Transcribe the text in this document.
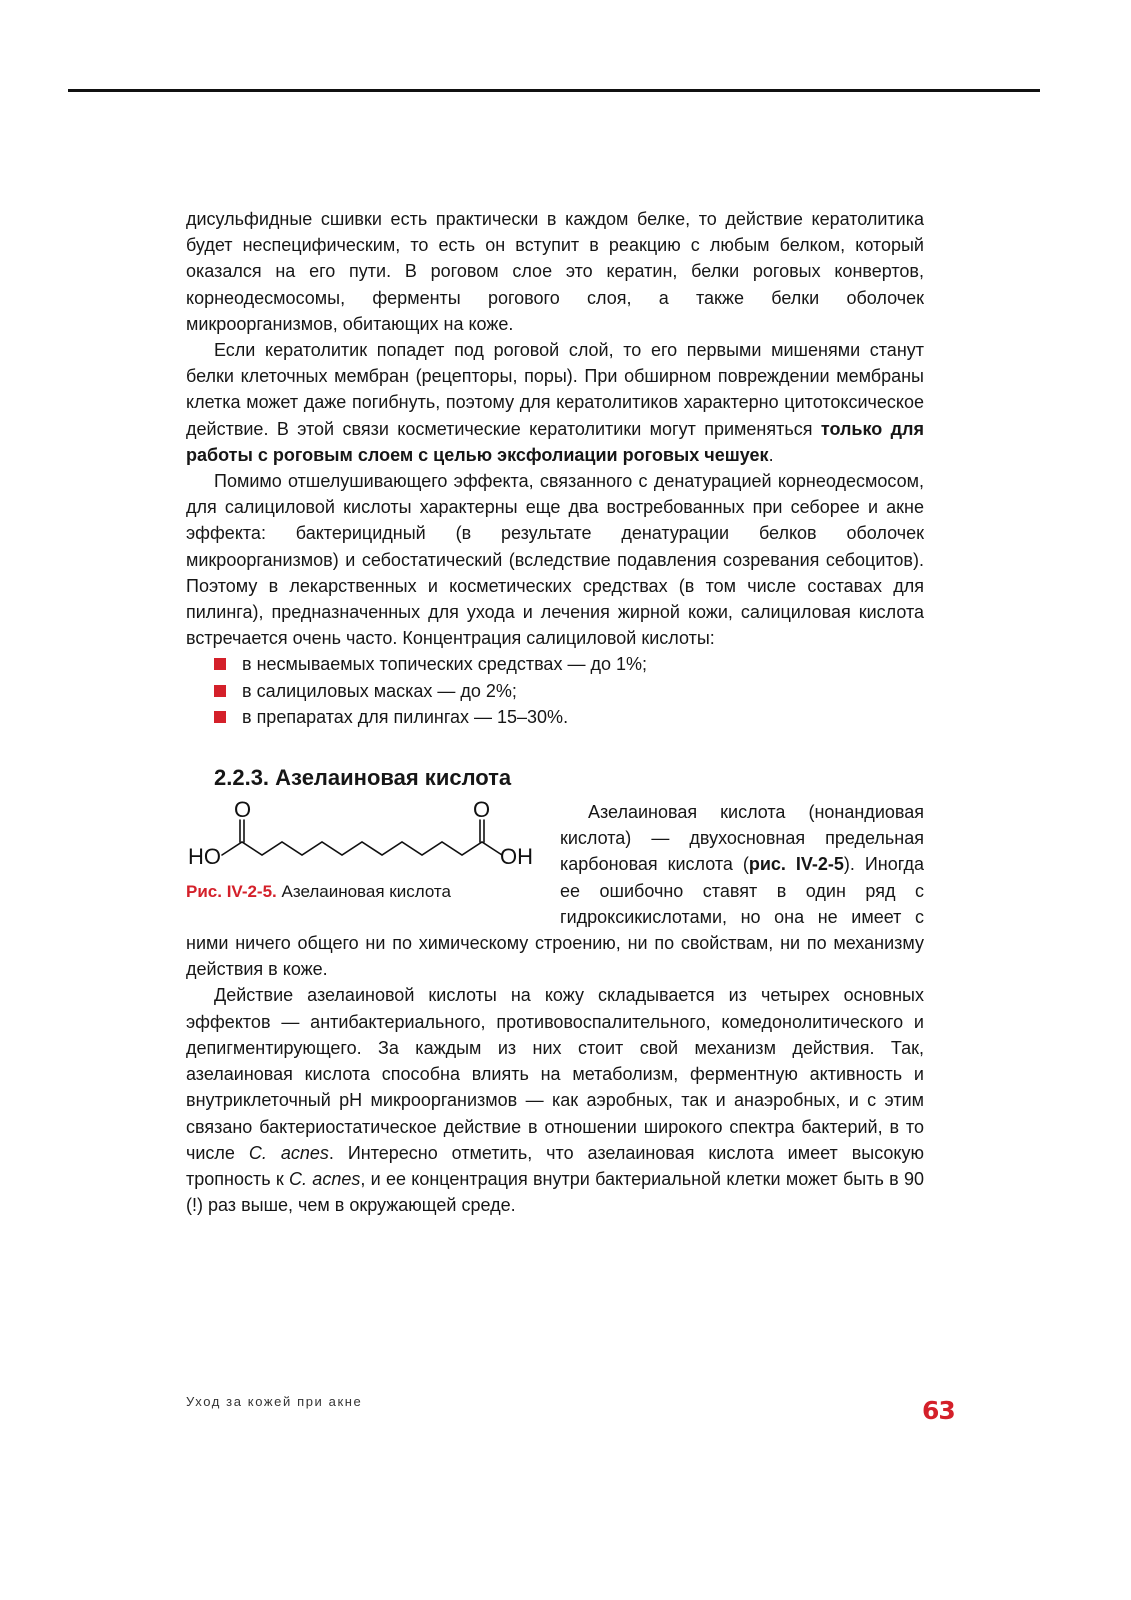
дисульфидные сшивки есть практически в каждом белке, то действие кератолитика будет неспецифическим, то есть он вступит в реакцию с любым белком, который оказался на его пути. В роговом слое это кератин, белки роговых конвертов, корнеодесмосомы, ферменты рогового слоя, а также белки оболочек микроорганизмов, обитающих на коже.

Если кератолитик попадет под роговой слой, то его первыми мишенями станут белки клеточных мембран (рецепторы, поры). При обширном повреждении мембраны клетка может даже погибнуть, поэтому для кератолитиков характерно цитотоксическое действие. В этой связи косметические кератолитики могут применяться только для работы с роговым слоем с целью эксфолиации роговых чешуек.

Помимо отшелушивающего эффекта, связанного с денатурацией корнеодесмосом, для салициловой кислоты характерны еще два востребованных при себорее и акне эффекта: бактерицидный (в результате денатурации белков оболочек микроорганизмов) и себостатический (вследствие подавления созревания себоцитов). Поэтому в лекарственных и косметических средствах (в том числе составах для пилинга), предназначенных для ухода и лечения жирной кожи, салициловая кислота встречается очень часто. Концентрация салициловой кислоты:

в несмываемых топических средствах — до 1%;
в салициловых масках — до 2%;
в препаратах для пилингах — 15–30%.
2.2.3. Азелаиновая кислота
O	O
HO	OH
Рис. IV-2-5. Азелаиновая кислота

Азелаиновая кислота (нонандиовая кислота) — двухосновная предельная карбоновая кислота (рис. IV-2-5). Иногда ее ошибочно ставят в один ряд с гидроксикислотами, но она не имеет с ними ничего общего ни по химическому строению, ни по свойствам, ни по механизму действия в коже.

Действие азелаиновой кислоты на кожу складывается из четырех основных эффектов — антибактериального, противовоспалительного, комедонолитического и депигментирующего. За каждым из них стоит свой механизм действия. Так, азелаиновая кислота способна влиять на метаболизм, ферментную активность и внутриклеточный pH микроорганизмов — как аэробных, так и анаэробных, и с этим связано бактериостатическое действие в отношении широкого спектра бактерий, в то числе C. acnes. Интересно отметить, что азелаиновая кислота имеет высокую тропность к C. acnes, и ее концентрация внутри бактериальной клетки может быть в 90 (!) раз выше, чем в окружающей среде.

Уход за кожей при акне	63
